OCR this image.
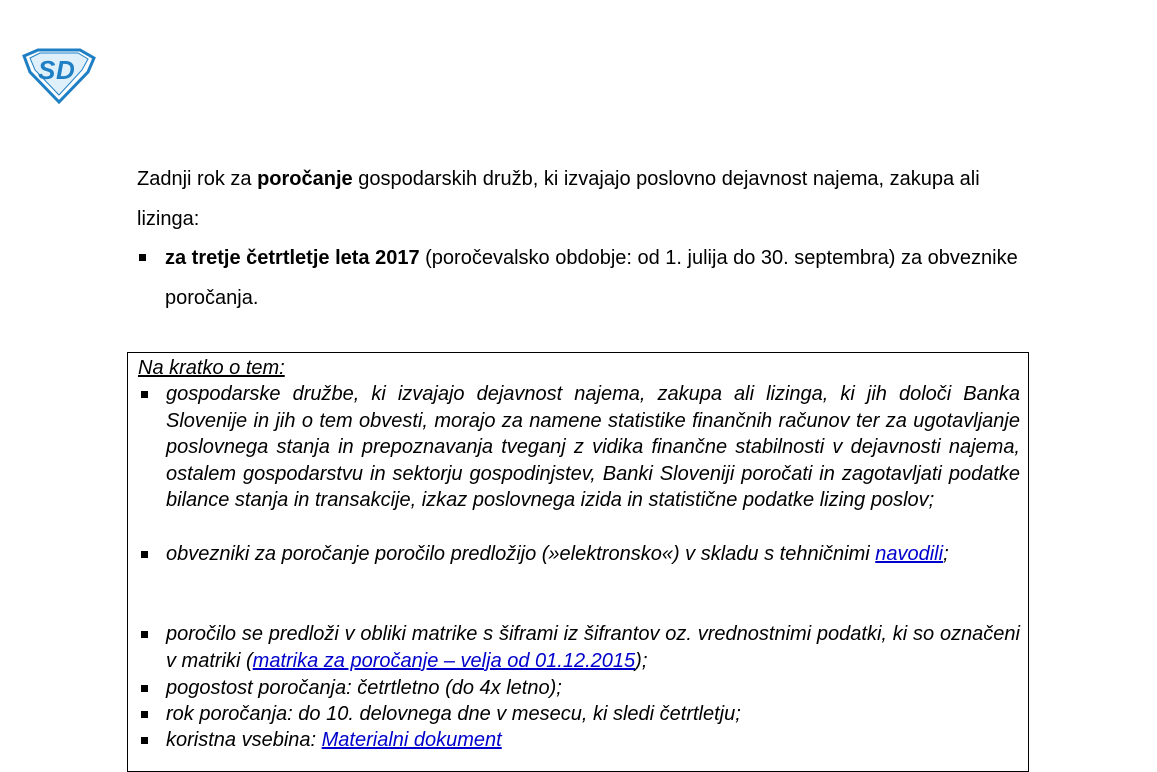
S D
Zadnji rok za poročanje gospodarskih družb, ki izvajajo poslovno dejavnost najema, zakupa ali lizinga:
za tretje četrtletje leta 2017 (poročevalsko obdobje: od 1. julija do 30. septembra) za obveznike poročanja.
Na kratko o tem:
gospodarske družbe, ki izvajajo dejavnost najema, zakupa ali lizinga, ki jih določi Banka Slovenije in jih o tem obvesti, morajo za namene statistike finančnih računov ter za ugotavljanje poslovnega stanja in prepoznavanja tveganj z vidika finančne stabilnosti v dejavnosti najema, ostalem gospodarstvu in sektorju gospodinjstev, Banki Sloveniji poročati in zagotavljati podatke bilance stanja in transakcije, izkaz poslovnega izida in statistične podatke lizing poslov;
obvezniki za poročanje poročilo predložijo (»elektronsko«) v skladu s tehničnimi navodili;
poročilo se predloži v obliki matrike s šiframi iz šifrantov oz. vrednostnimi podatki, ki so označeni v matriki (matrika za poročanje – velja od 01.12.2015);
pogostost poročanja: četrtletno (do 4x letno);
rok poročanja: do 10. delovnega dne v mesecu, ki sledi četrtletju;
koristna vsebina: Materialni dokument
